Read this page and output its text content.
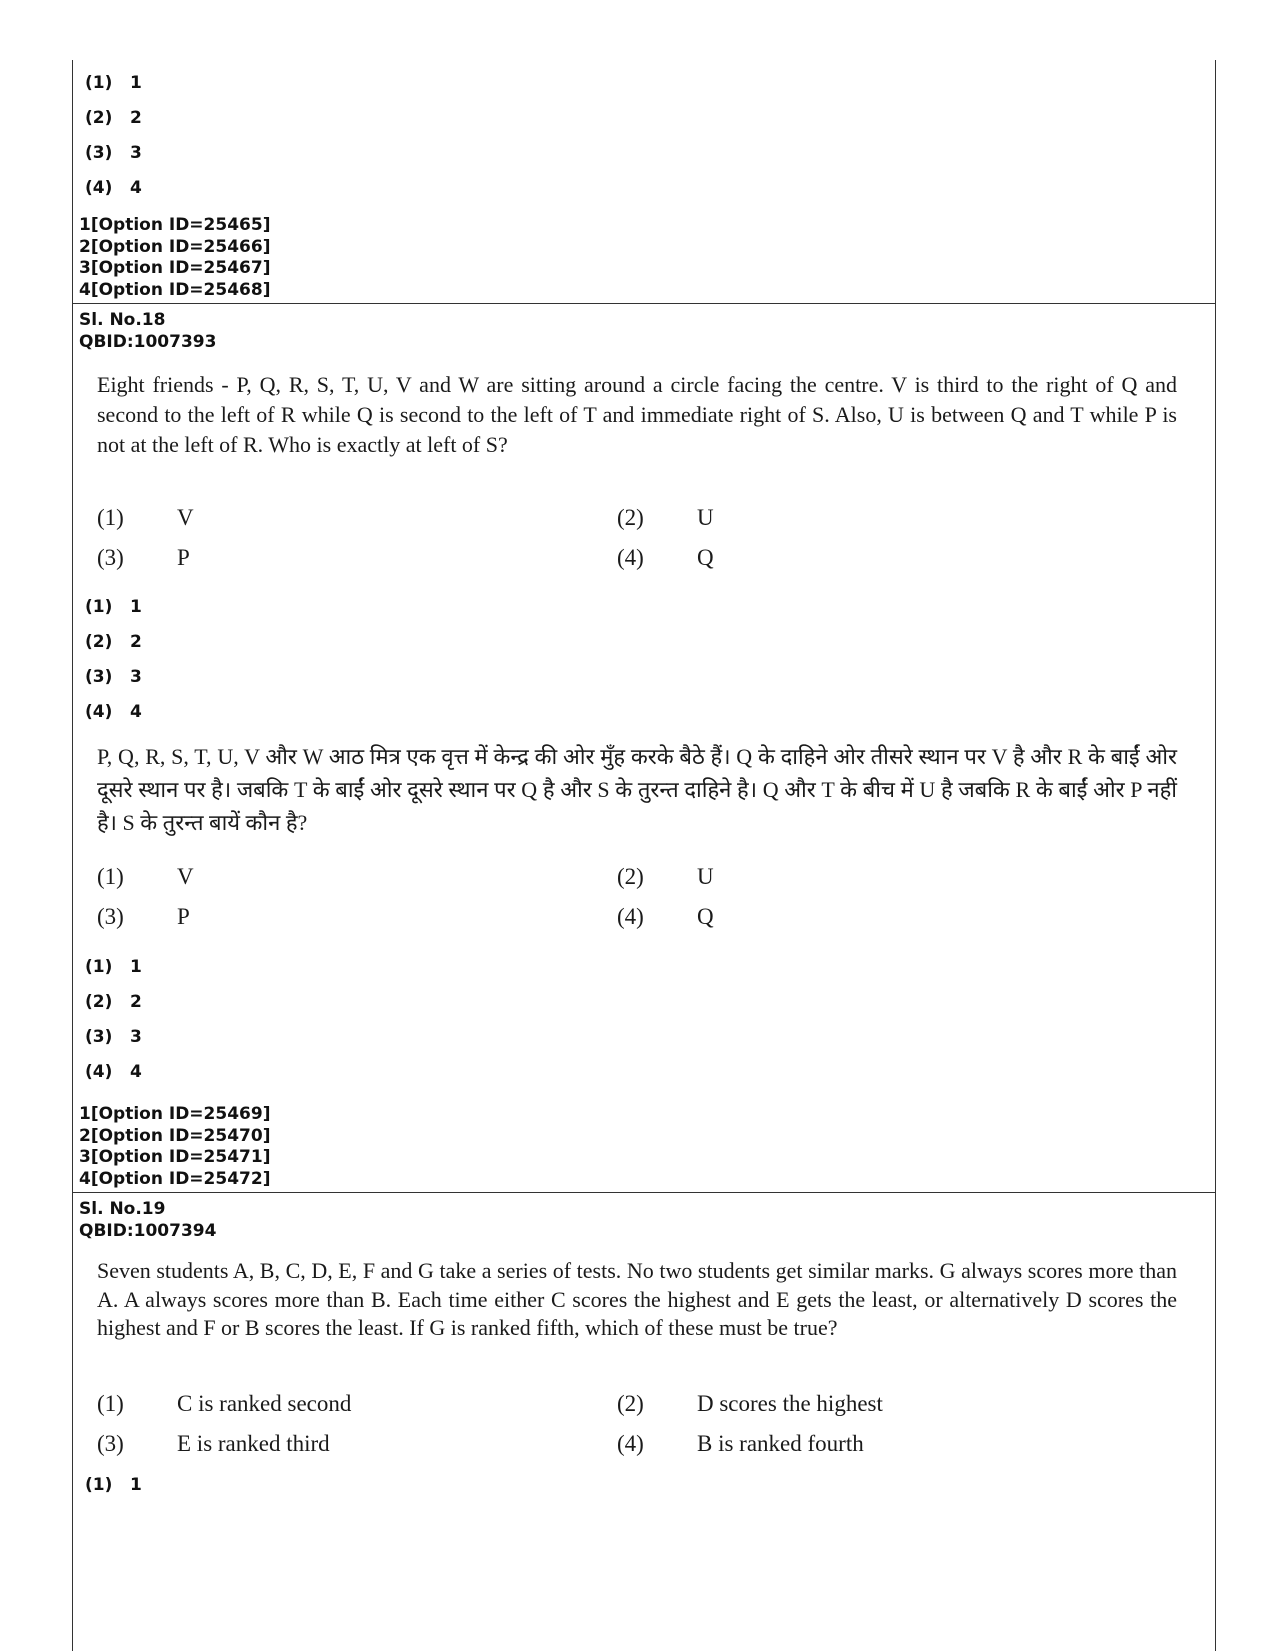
(1) 1
(2) 2
(3) 3
(4) 4
1[Option ID=25465]
2[Option ID=25466]
3[Option ID=25467]
4[Option ID=25468]
Sl. No.18
QBID:1007393
Eight friends - P, Q, R, S, T, U, V and W are sitting around a circle facing the centre. V is third to the right of Q and second to the left of R while Q is second to the left of T and immediate right of S. Also, U is between Q and T while P is not at the left of R. Who is exactly at left of S?
(1) V	(2) U
(3) P	(4) Q
(1) 1
(2) 2
(3) 3
(4) 4
P, Q, R, S, T, U, V और W आठ मित्र एक वृत्त में केन्द्र की ओर मुँह करके बैठे हैं। Q के दाहिने ओर तीसरे स्थान पर V है और R के बाईं ओर दूसरे स्थान पर है। जबकि T के बाईं ओर दूसरे स्थान पर Q है और S के तुरन्त दाहिने है। Q और T के बीच में U है जबकि R के बाईं ओर P नहीं है। S के तुरन्त बायें कौन है?
(1) V	(2) U
(3) P	(4) Q
(1) 1
(2) 2
(3) 3
(4) 4
1[Option ID=25469]
2[Option ID=25470]
3[Option ID=25471]
4[Option ID=25472]
Sl. No.19
QBID:1007394
Seven students A, B, C, D, E, F and G take a series of tests. No two students get similar marks. G always scores more than A. A always scores more than B. Each time either C scores the highest and E gets the least, or alternatively D scores the highest and F or B scores the least. If G is ranked fifth, which of these must be true?
(1) C is ranked second	(2) D scores the highest
(3) E is ranked third	(4) B is ranked fourth
(1) 1
